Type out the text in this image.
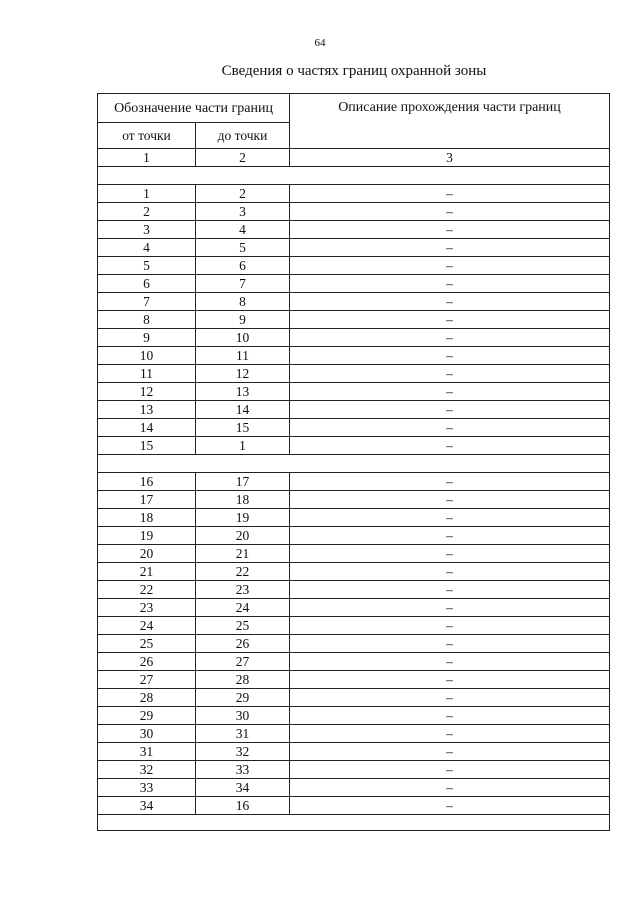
64
Сведения о частях границ охранной зоны
Обозначение части границ		Описание прохождения части границ
от точки	до точки	
1	2	3

1	2	–
2	3	–
3	4	–
4	5	–
5	6	–
6	7	–
7	8	–
8	9	–
9	10	–
10	11	–
11	12	–
12	13	–
13	14	–
14	15	–
15	1	–

16	17	–
17	18	–
18	19	–
19	20	–
20	21	–
21	22	–
22	23	–
23	24	–
24	25	–
25	26	–
26	27	–
27	28	–
28	29	–
29	30	–
30	31	–
31	32	–
32	33	–
33	34	–
34	16	–
